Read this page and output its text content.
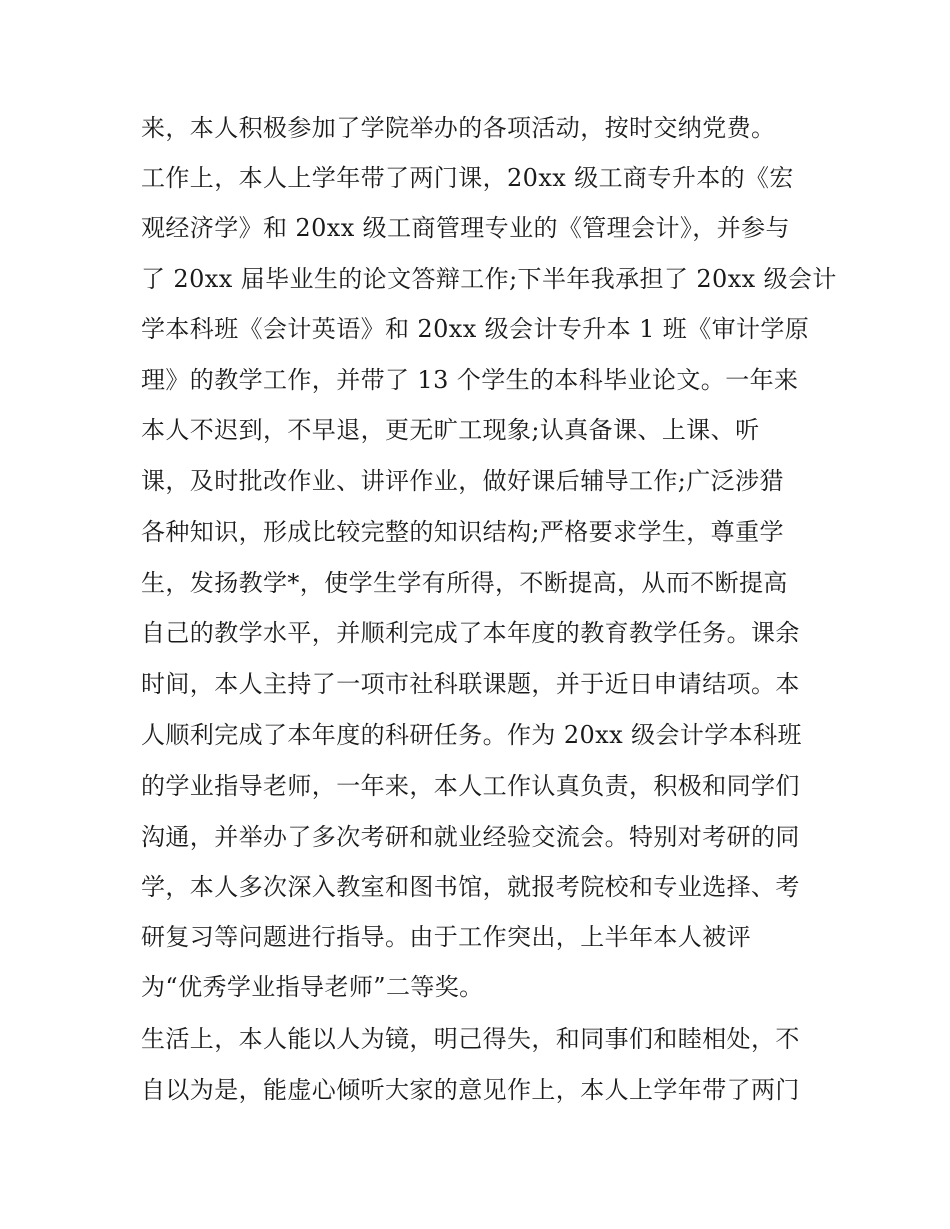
来，本人积极参加了学院举办的各项活动，按时交纳党费。
工作上，本人上学年带了两门课，20xx 级工商专升本的《宏
观经济学》和 20xx 级工商管理专业的《管理会计》，并参与
了 20xx 届毕业生的论文答辩工作;下半年我承担了 20xx 级会计
学本科班《会计英语》和 20xx 级会计专升本 1 班《审计学原
理》的教学工作，并带了 13 个学生的本科毕业论文。一年来
本人不迟到，不早退，更无旷工现象;认真备课、上课、听
课，及时批改作业、讲评作业，做好课后辅导工作;广泛涉猎
各种知识，形成比较完整的知识结构;严格要求学生，尊重学
生，发扬教学*，使学生学有所得，不断提高，从而不断提高
自己的教学水平，并顺利完成了本年度的教育教学任务。课余
时间，本人主持了一项市社科联课题，并于近日申请结项。本
人顺利完成了本年度的科研任务。作为 20xx 级会计学本科班
的学业指导老师，一年来，本人工作认真负责，积极和同学们
沟通，并举办了多次考研和就业经验交流会。特别对考研的同
学，本人多次深入教室和图书馆，就报考院校和专业选择、考
研复习等问题进行指导。由于工作突出，上半年本人被评
为“优秀学业指导老师”二等奖。
生活上，本人能以人为镜，明己得失，和同事们和睦相处，不
自以为是，能虚心倾听大家的意见作上，本人上学年带了两门
